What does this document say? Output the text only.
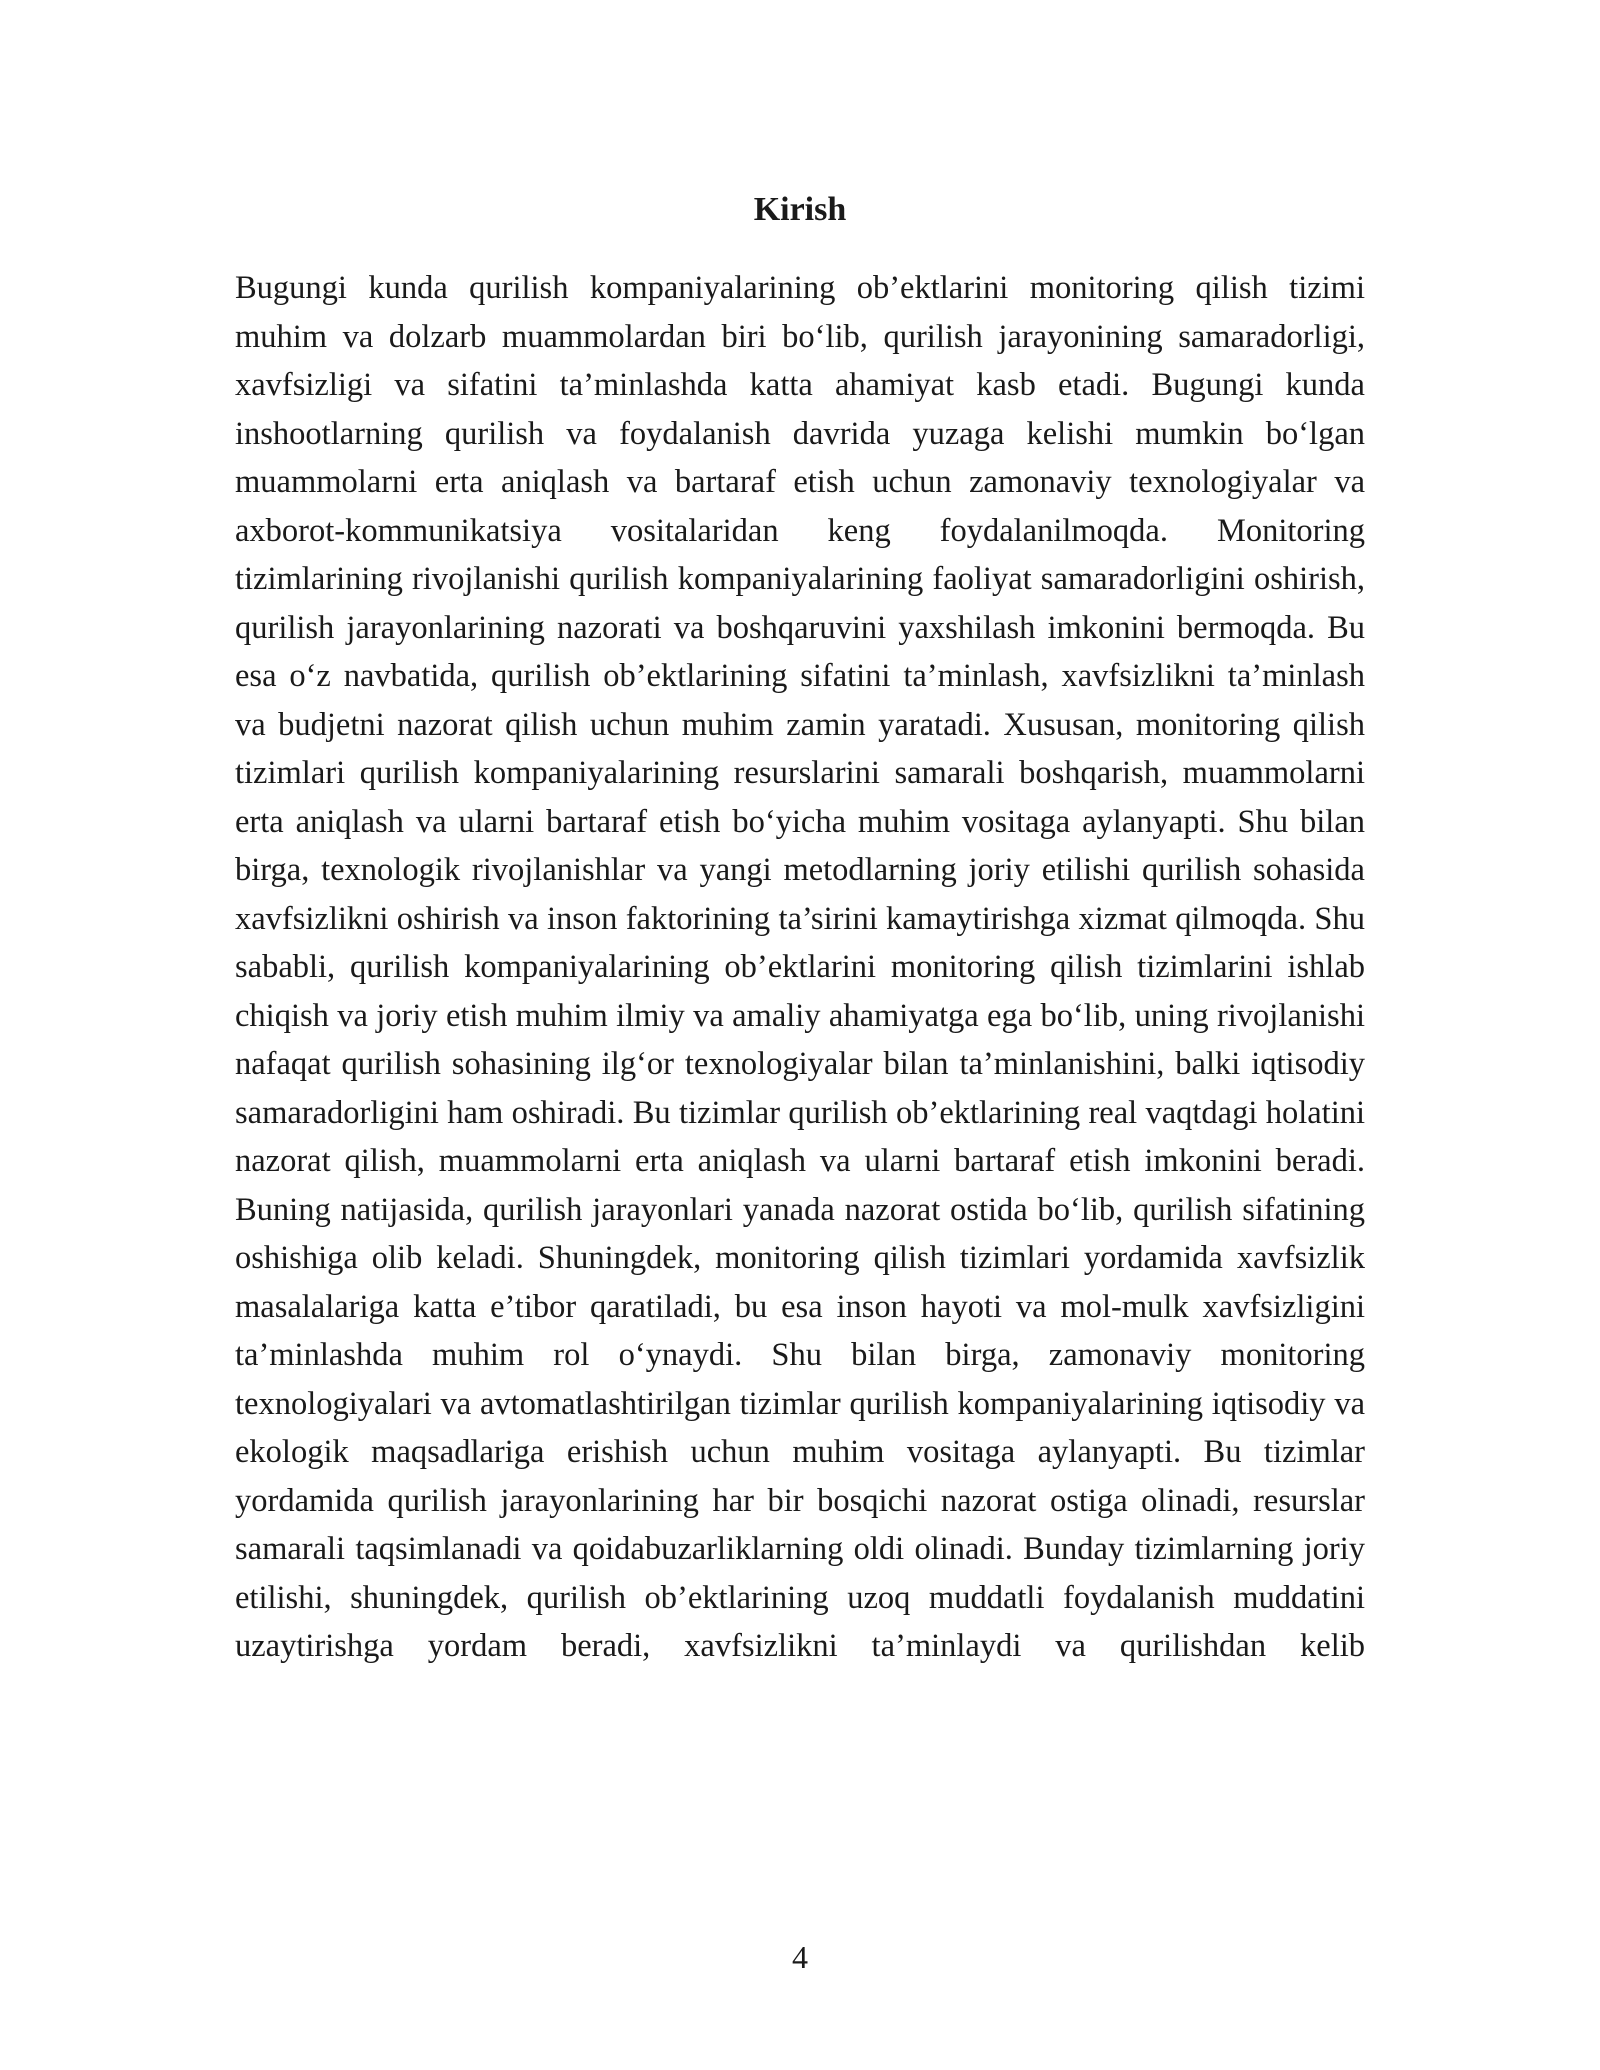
Kirish

Bugungi kunda qurilish kompaniyalarining ob’ektlarini monitoring qilish tizimi muhim va dolzarb muammolardan biri bo‘lib, qurilish jarayonining samaradorligi, xavfsizligi va sifatini ta’minlashda katta ahamiyat kasb etadi. Bugungi kunda inshootlarning qurilish va foydalanish davrida yuzaga kelishi mumkin bo‘lgan muammolarni erta aniqlash va bartaraf etish uchun zamonaviy texnologiyalar va axborot-kommunikatsiya vositalaridan keng foydalanilmoqda. Monitoring tizimlarining rivojlanishi qurilish kompaniyalarining faoliyat samaradorligini oshirish, qurilish jarayonlarining nazorati va boshqaruvini yaxshilash imkonini bermoqda. Bu esa o‘z navbatida, qurilish ob’ektlarining sifatini ta’minlash, xavfsizlikni ta’minlash va budjetni nazorat qilish uchun muhim zamin yaratadi. Xususan, monitoring qilish tizimlari qurilish kompaniyalarining resurslarini samarali boshqarish, muammolarni erta aniqlash va ularni bartaraf etish bo‘yicha muhim vositaga aylanyapti. Shu bilan birga, texnologik rivojlanishlar va yangi metodlarning joriy etilishi qurilish sohasida xavfsizlikni oshirish va inson faktorining ta’sirini kamaytirishga xizmat qilmoqda. Shu sababli, qurilish kompaniyalarining ob’ektlarini monitoring qilish tizimlarini ishlab chiqish va joriy etish muhim ilmiy va amaliy ahamiyatga ega bo‘lib, uning rivojlanishi nafaqat qurilish sohasining ilg‘or texnologiyalar bilan ta’minlanishini, balki iqtisodiy samaradorligini ham oshiradi. Bu tizimlar qurilish ob’ektlarining real vaqtdagi holatini nazorat qilish, muammolarni erta aniqlash va ularni bartaraf etish imkonini beradi. Buning natijasida, qurilish jarayonlari yanada nazorat ostida bo‘lib, qurilish sifatining oshishiga olib keladi. Shuningdek, monitoring qilish tizimlari yordamida xavfsizlik masalalariga katta e’tibor qaratiladi, bu esa inson hayoti va mol-mulk xavfsizligini ta’minlashda muhim rol o‘ynaydi. Shu bilan birga, zamonaviy monitoring texnologiyalari va avtomatlashtirilgan tizimlar qurilish kompaniyalarining iqtisodiy va ekologik maqsadlariga erishish uchun muhim vositaga aylanyapti. Bu tizimlar yordamida qurilish jarayonlarining har bir bosqichi nazorat ostiga olinadi, resurslar samarali taqsimlanadi va qoidabuzarliklarning oldi olinadi. Bunday tizimlarning joriy etilishi, shuningdek, qurilish ob’ektlarining uzoq muddatli foydalanish muddatini uzaytirishga yordam beradi, xavfsizlikni ta’minlaydi va qurilishdan kelib

4
